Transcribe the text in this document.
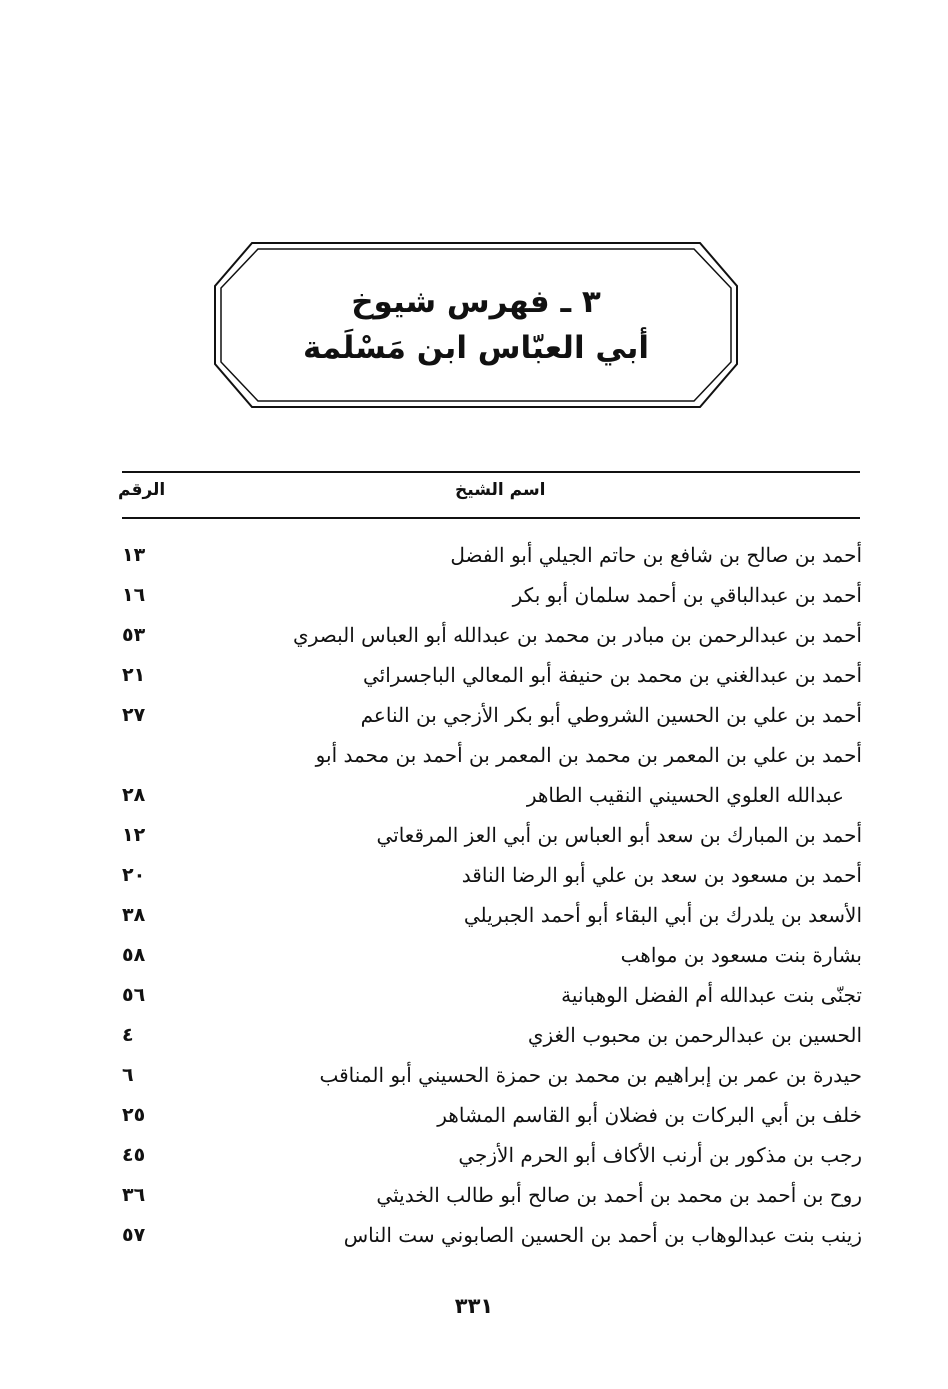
٣ ـ فهرس شيوخ
أبي العبّاس ابن مَسْلَمة
اسم الشيخ
الرقم
أحمد بن صالح بن شافع بن حاتم الجيلي أبو الفضل
١٣
أحمد بن عبدالباقي بن أحمد سلمان أبو بكر
١٦
أحمد بن عبدالرحمن بن مبادر بن محمد بن عبدالله أبو العباس البصري
٥٣
أحمد بن عبدالغني بن محمد بن حنيفة أبو المعالي الباجسرائي
٢١
أحمد بن علي بن الحسين الشروطي أبو بكر الأزجي بن الناعم
٢٧
أحمد بن علي بن المعمر بن محمد بن المعمر بن أحمد بن محمد أبو
عبدالله العلوي الحسيني النقيب الطاهر
٢٨
أحمد بن المبارك بن سعد أبو العباس بن أبي العز المرقعاتي
١٢
أحمد بن مسعود بن سعد بن علي أبو الرضا الناقد
٢٠
الأسعد بن يلدرك بن أبي البقاء أبو أحمد الجبريلي
٣٨
بشارة بنت مسعود بن مواهب
٥٨
تجنّى بنت عبدالله أم الفضل الوهبانية
٥٦
الحسين بن عبدالرحمن بن محبوب الغزي
٤
حيدرة بن عمر بن إبراهيم بن محمد بن حمزة الحسيني أبو المناقب
٦
خلف بن أبي البركات بن فضلان أبو القاسم المشاهر
٢٥
رجب بن مذكور بن أرنب الأكاف أبو الحرم الأزجي
٤٥
روح بن أحمد بن محمد بن أحمد بن صالح أبو طالب الخديثي
٣٦
زينب بنت عبدالوهاب بن أحمد بن الحسين الصابوني ست الناس
٥٧
٣٣١
